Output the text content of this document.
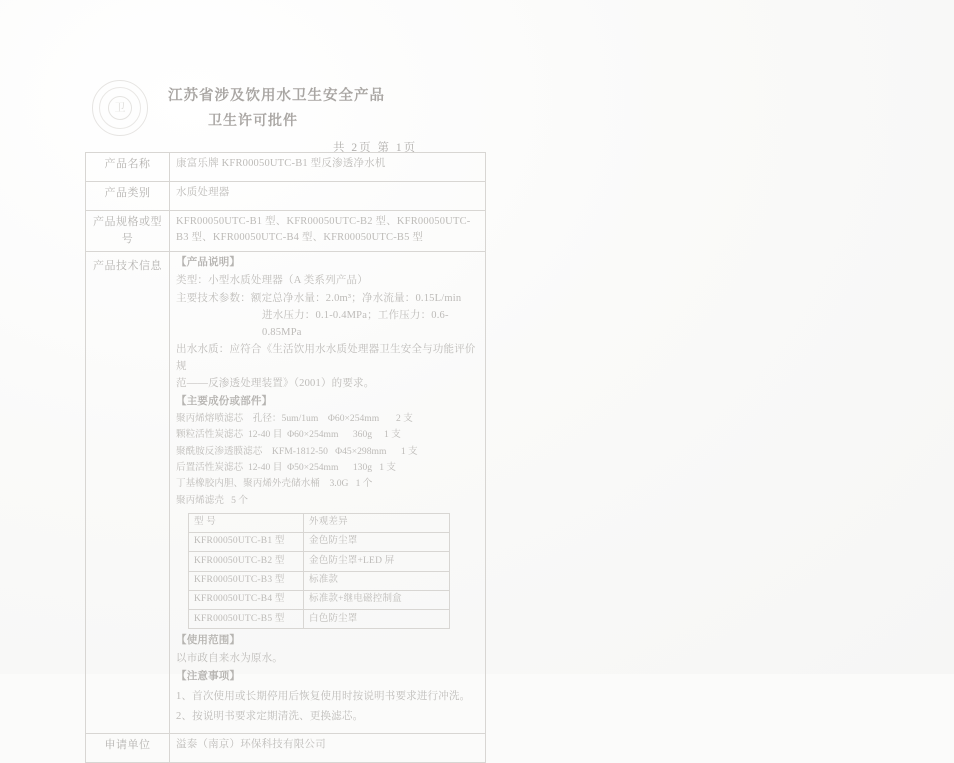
卫
江苏省涉及饮用水卫生安全产品
卫生许可批件
共 2页 第 1页
产品名称	康富乐牌 KFR00050UTC-B1 型反渗透净水机
产品类别	水质处理器
产品规格或型号	KFR00050UTC-B1 型、KFR00050UTC-B2 型、KFR00050UTC-B3 型、KFR00050UTC-B4 型、KFR00050UTC-B5 型
产品技术信息	【产品说明】

类型：小型水质处理器（A 类系列产品）

主要技术参数：额定总净水量：2.0m³；净水流量：0.15L/min

进水压力：0.1-0.4MPa；工作压力：0.6-0.85MPa

出水水质：应符合《生活饮用水水质处理器卫生安全与功能评价规

范——反渗透处理装置》（2001）的要求。

【主要成份或部件】

聚丙烯熔喷滤芯    孔径：5um/1um    Φ60×254mm       2 支

颗粒活性炭滤芯  12-40 目  Φ60×254mm      360g     1 支

聚酰胺反渗透膜滤芯    KFM-1812-50   Φ45×298mm      1 支

后置活性炭滤芯  12-40 目  Φ50×254mm      130g   1 支

丁基橡胶内胆、聚丙烯外壳储水桶    3.0G   1 个

聚丙烯滤壳   5 个

型 号	外观差异
KFR00050UTC-B1 型	金色防尘罩
KFR00050UTC-B2 型	金色防尘罩+LED 屏
KFR00050UTC-B3 型	标准款
KFR00050UTC-B4 型	标准款+继电磁控制盒
KFR00050UTC-B5 型	白色防尘罩

【使用范围】

以市政自来水为原水。

【注意事项】

1、首次使用或长期停用后恢复使用时按说明书要求进行冲洗。

2、按说明书要求定期清洗、更换滤芯。

申请单位	溢泰（南京）环保科技有限公司
